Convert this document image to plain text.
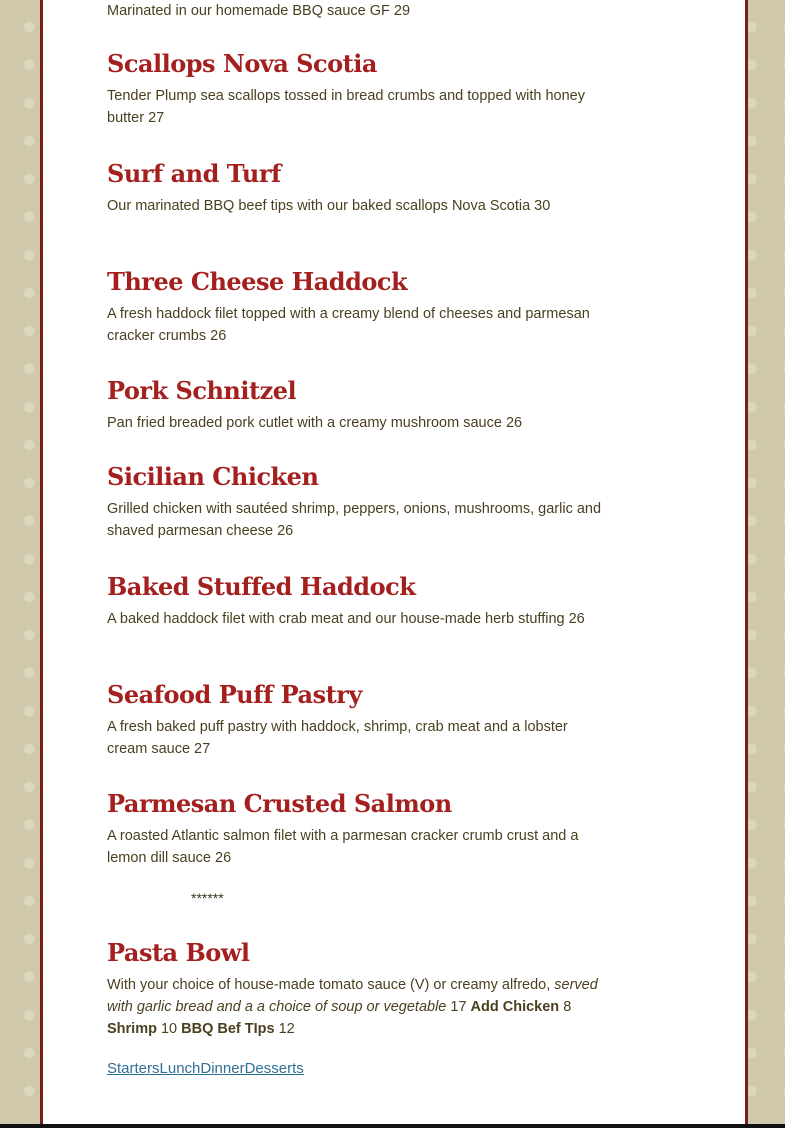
Marinated in our homemade BBQ sauce GF 29

Scallops Nova Scotia

Tender Plump sea scallops tossed in bread crumbs and topped with honey butter 27

Surf and Turf

Our marinated BBQ beef tips with our baked scallops Nova Scotia 30

Three Cheese Haddock

A fresh haddock filet topped with a creamy blend of cheeses and parmesan cracker crumbs 26

Pork Schnitzel

Pan fried breaded pork cutlet with a creamy mushroom sauce 26

Sicilian Chicken

Grilled chicken with sautéed shrimp, peppers, onions, mushrooms, garlic and shaved parmesan cheese 26

Baked Stuffed Haddock

A baked haddock filet with crab meat and our house-made herb stuffing 26

Seafood Puff Pastry

A fresh baked puff pastry with haddock, shrimp, crab meat and a lobster cream sauce 27

Parmesan Crusted Salmon

A roasted Atlantic salmon filet with a parmesan cracker crumb crust and a lemon dill sauce 26

******
Pasta Bowl

With your choice of house-made tomato sauce (V) or creamy alfredo, served with garlic bread and a a choice of soup or vegetable 17 Add Chicken 8 Shrimp 10 BBQ Bef TIps 12

StartersLunchDinnerDesserts
